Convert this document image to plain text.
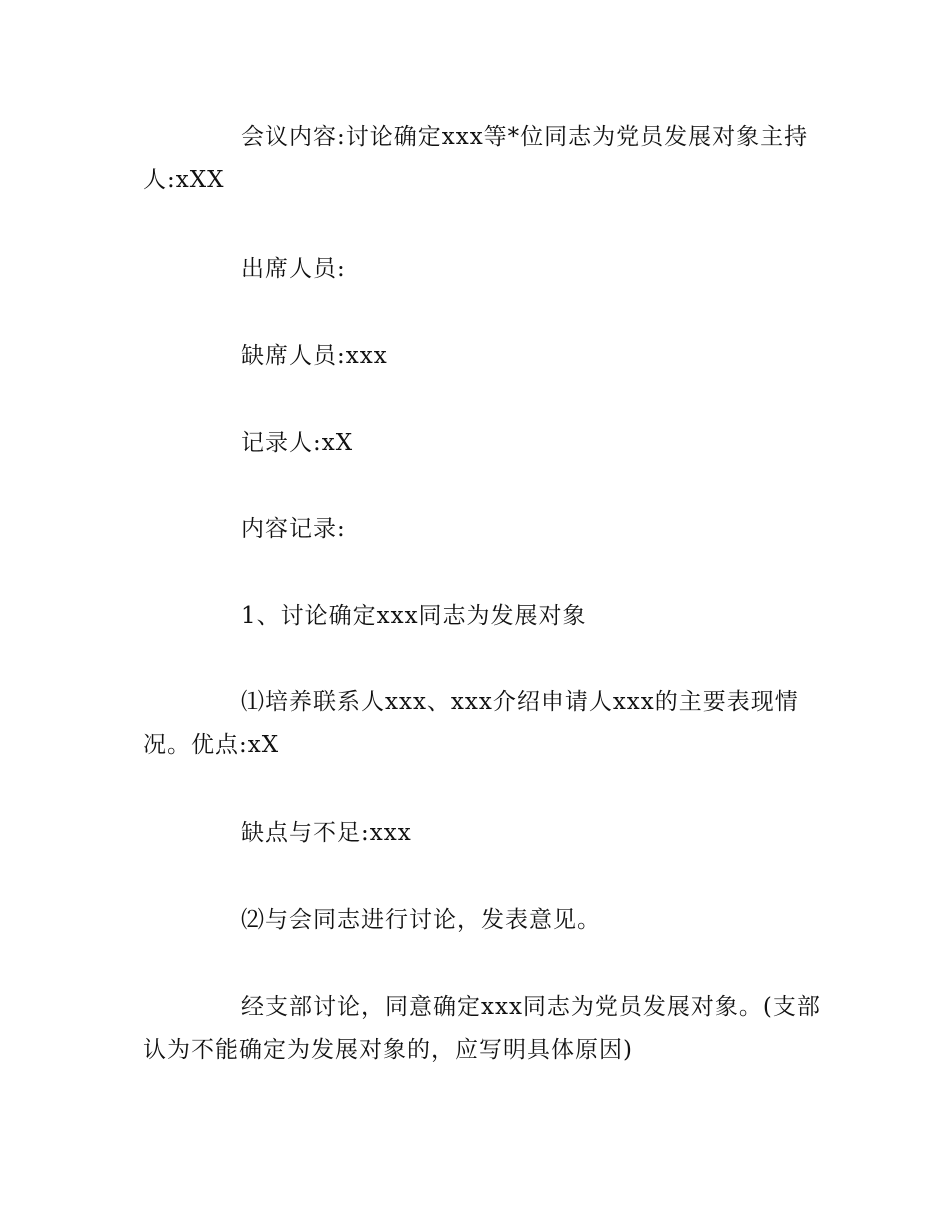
会议内容:讨论确定xxx等*位同志为党员发展对象主持人:xXX

出席人员:

缺席人员:xxx

记录人:xX

内容记录:

1、讨论确定xxx同志为发展对象

⑴培养联系人xxx、xxx介绍申请人xxx的主要表现情况。优点:xX

缺点与不足:xxx

⑵与会同志进行讨论，发表意见。

经支部讨论，同意确定xxx同志为党员发展对象。(支部认为不能确定为发展对象的，应写明具体原因)
